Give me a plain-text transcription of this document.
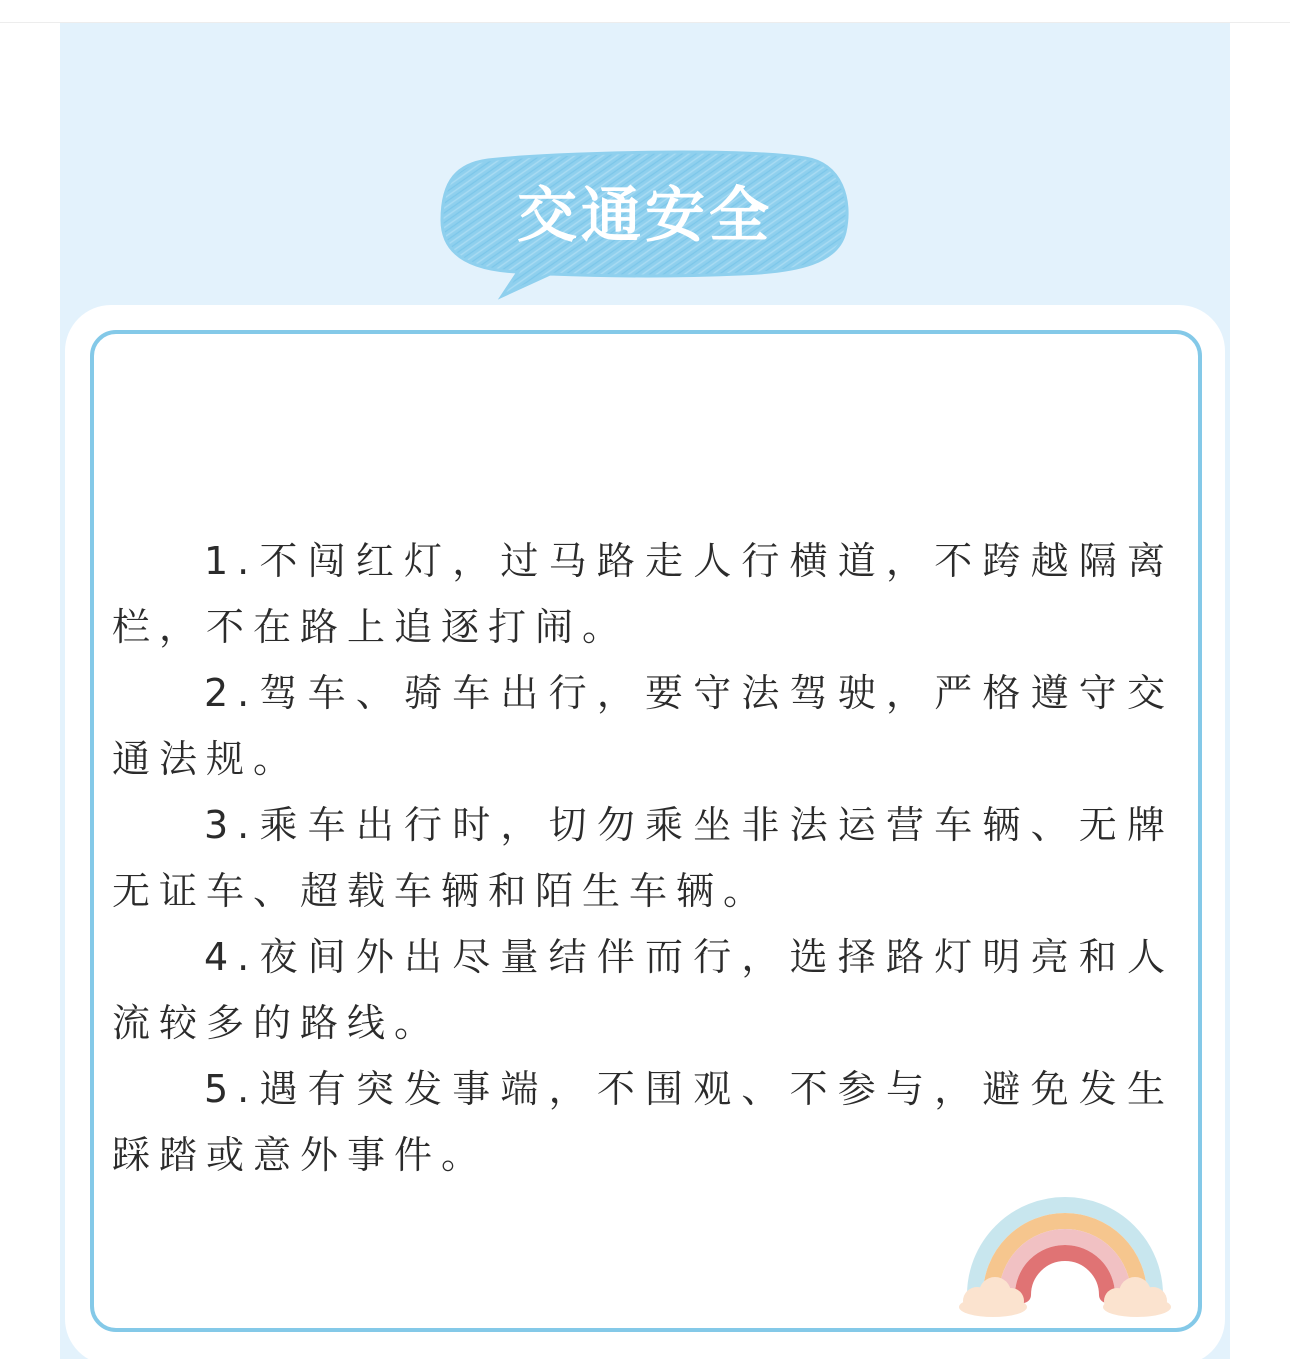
交通安全

1.不闯红灯，过马路走人行横道，不跨越隔离栏，不在路上追逐打闹。

2.驾车、骑车出行，要守法驾驶，严格遵守交通法规。

3.乘车出行时，切勿乘坐非法运营车辆、无牌无证车、超载车辆和陌生车辆。

4.夜间外出尽量结伴而行，选择路灯明亮和人流较多的路线。

5.遇有突发事端，不围观、不参与，避免发生踩踏或意外事件。
